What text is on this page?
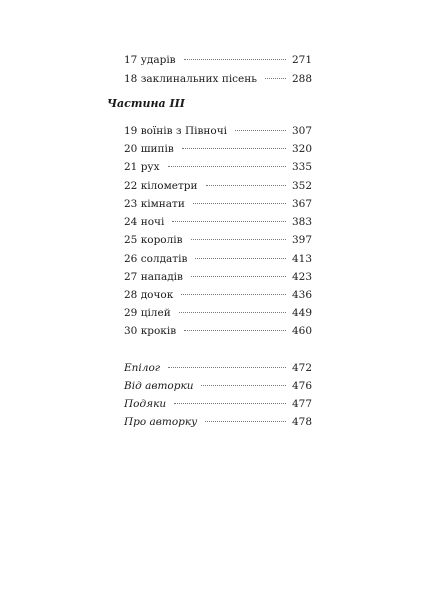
17 ударів	271
18 заклинальних пісень	288
Частина III
19 воїнів з Півночі	307
20 шипів	320
21 рух	335
22 кілометри	352
23 кімнати	367
24 ночі	383
25 королів	397
26 солдатів	413
27 нападів	423
28 дочок	436
29 цілей	449
30 кроків	460
Епілог	472
Від авторки	476
Подяки	477
Про авторку	478
